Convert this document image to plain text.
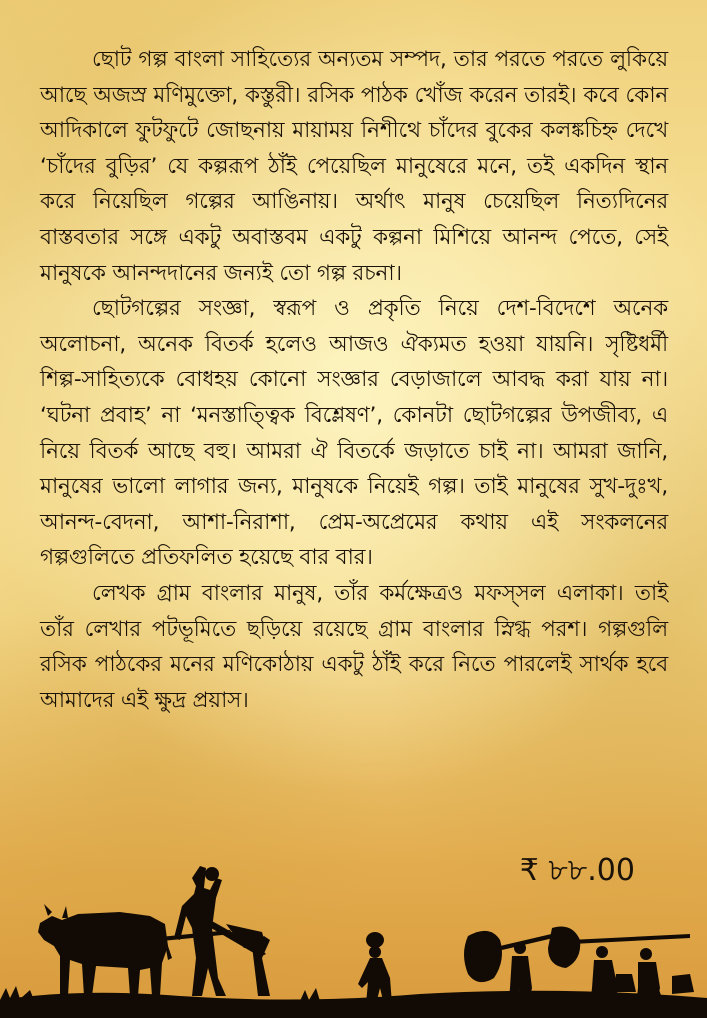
ছোট গল্প বাংলা সাহিত্যের অন্যতম সম্পদ, তার পরতে পরতে লুকিয়ে আছে অজস্র মণিমুক্তো, কস্তুরী। রসিক পাঠক খোঁজ করেন তারই। কবে কোন আদিকালে ফুটফুটে জোছনায় মায়াময় নিশীথে চাঁদের বুকের কলঙ্কচিহ্ন দেখে ‘চাঁদের বুড়ির’ যে কল্পরূপ ঠাঁই পেয়েছিল মানুষেরে মনে, তই একদিন স্থান করে নিয়েছিল গল্পের আঙিনায়। অর্থাৎ মানুষ চেয়েছিল নিত্যদিনের বাস্তবতার সঙ্গে একটু অবাস্তবম একটু কল্পনা মিশিয়ে আনন্দ পেতে, সেই মানুষকে আনন্দদানের জন্যই তো গল্প রচনা।

ছোটগল্পের সংজ্ঞা, স্বরূপ ও প্রকৃতি নিয়ে দেশ-বিদেশে অনেক অলোচনা, অনেক বিতর্ক হলেও আজও ঐক্যমত হওয়া যায়নি। সৃষ্টিধর্মী শিল্প-সাহিত্যকে বোধহয় কোনো সংজ্ঞার বেড়াজালে আবদ্ধ করা যায় না। ‘ঘটনা প্রবাহ’ না ‘মনস্তাত্ত্বিক বিশ্লেষণ’, কোনটা ছোটগল্পের উপজীব্য, এ নিয়ে বিতর্ক আছে বহু। আমরা ঐ বিতর্কে জড়াতে চাই না। আমরা জানি, মানুষের ভালো লাগার জন্য, মানুষকে নিয়েই গল্প। তাই মানুষের সুখ-দুঃখ, আনন্দ-বেদনা, আশা-নিরাশা, প্রেম-অপ্রেমের কথায় এই সংকলনের গল্পগুলিতে প্রতিফলিত হয়েছে বার বার।

লেখক গ্রাম বাংলার মানুষ, তাঁর কর্মক্ষেত্রও মফস্সল এলাকা। তাই তাঁর লেখার পটভূমিতে ছড়িয়ে রয়েছে গ্রাম বাংলার স্নিগ্ধ পরশ। গল্পগুলি রসিক পাঠকের মনের মণিকোঠায় একটু ঠাঁই করে নিতে পারলেই সার্থক হবে আমাদের এই ক্ষুদ্র প্রয়াস।

₹ ৮৮.00
